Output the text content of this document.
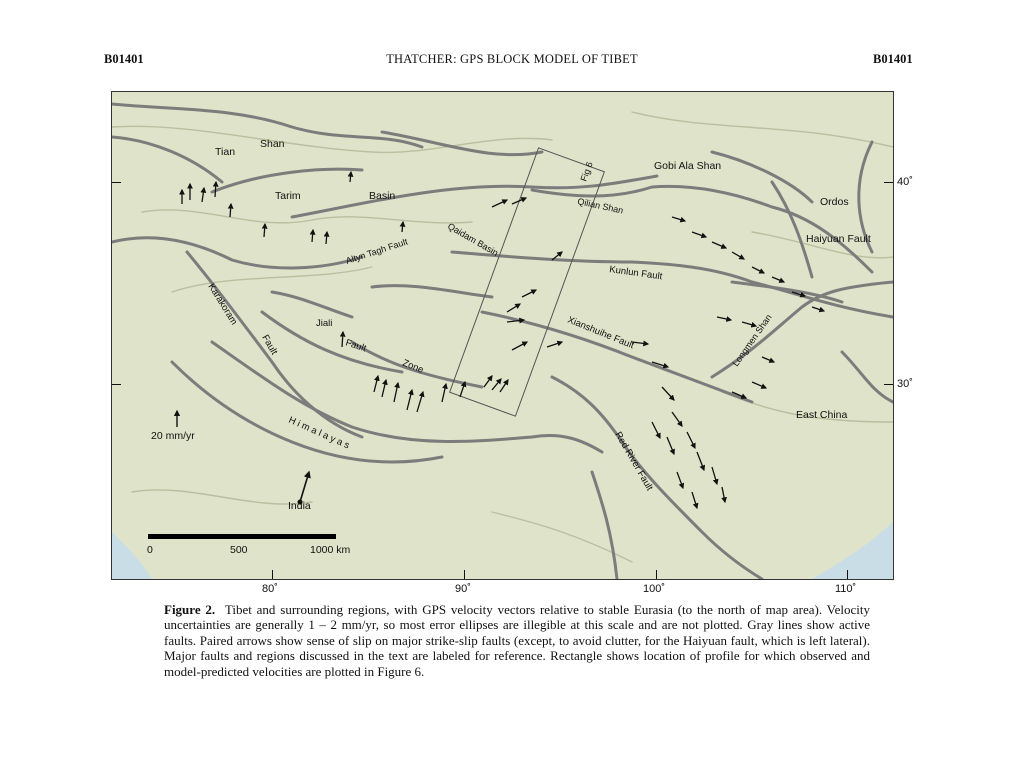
B01401	THATCHER: GPS BLOCK MODEL OF TIBET	B01401
Tian
Shan
Tarim	Basin
Gobi Ala Shan
Ordos
Haiyuan Fault
Qilian Shan
Qaidam Basin
Altyn Tagh Fault
Kunlun Fault
Karakoram
Fault
Jiali
Fault
Zone
Xianshuihe Fault	Longmen Shan
East China
Red River Fault
H i m a l a y a s
India
Fig 6
20 mm/yr
0	500	1000 km
40˚
30˚
80˚	90˚	100˚	110˚
Figure 2. Tibet and surrounding regions, with GPS velocity vectors relative to stable Eurasia (to the north of map area). Velocity uncertainties are generally 1 – 2 mm/yr, so most error ellipses are illegible at this scale and are not plotted. Gray lines show active faults. Paired arrows show sense of slip on major strike-slip faults (except, to avoid clutter, for the Haiyuan fault, which is left lateral). Major faults and regions discussed in the text are labeled for reference. Rectangle shows location of profile for which observed and model-predicted velocities are plotted in Figure 6.
